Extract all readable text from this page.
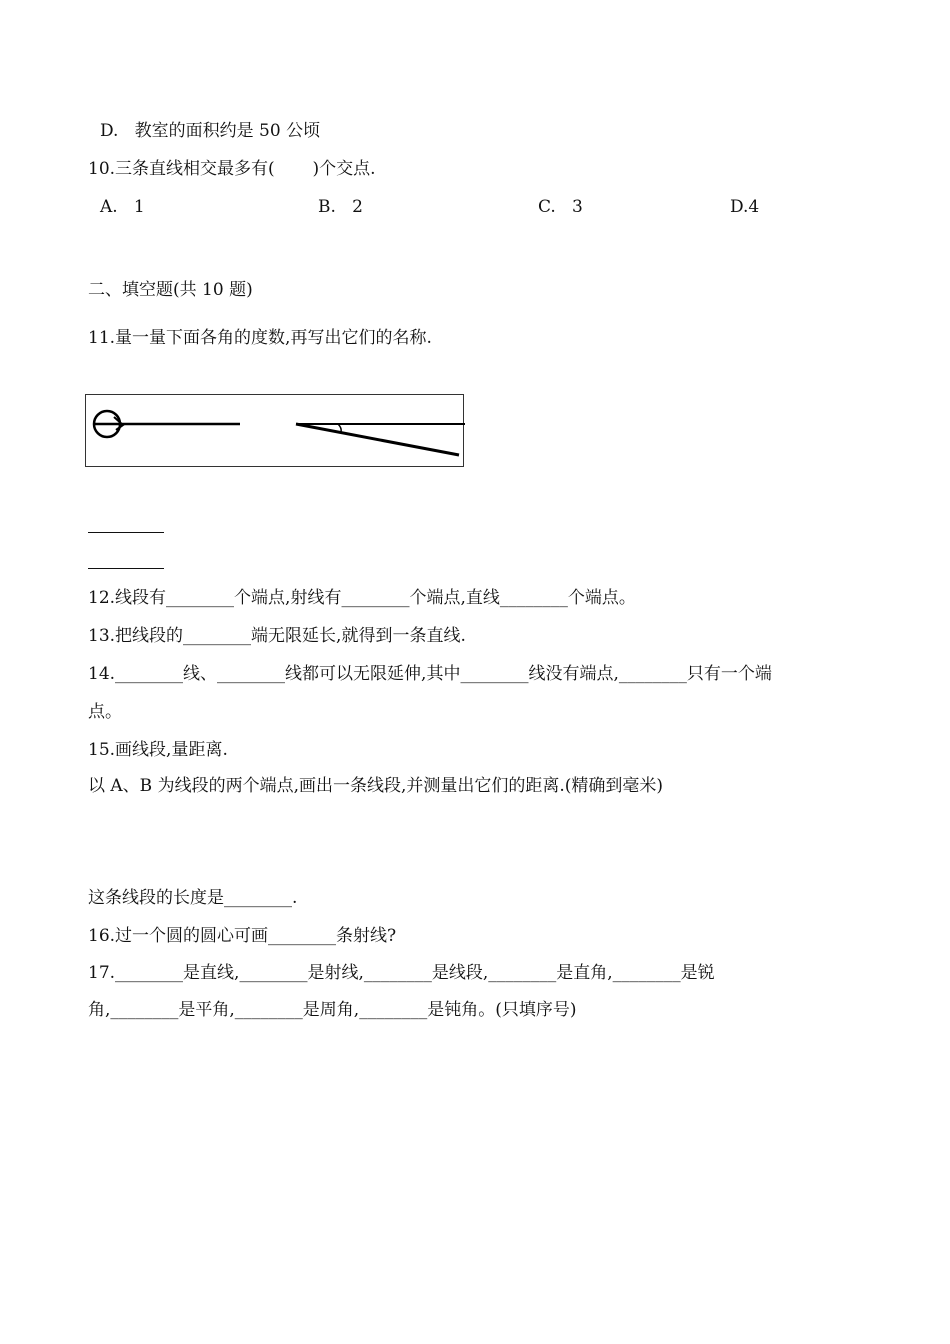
D.   教室的面积约是 50 公顷
10.三条直线相交最多有(       )个交点.
A.   1	B.   2	C.   3	D.4
二、填空题(共 10 题)
11.量一量下面各角的度数,再写出它们的名称.
12.线段有________个端点,射线有________个端点,直线________个端点。
13.把线段的________端无限延长,就得到一条直线.
14.________线、________线都可以无限延伸,其中________线没有端点,________只有一个端
点。
15.画线段,量距离.
以 A、B 为线段的两个端点,画出一条线段,并测量出它们的距离.(精确到毫米)
这条线段的长度是________.
16.过一个圆的圆心可画________条射线?
17.________是直线,________是射线,________是线段,________是直角,________是锐
角,________是平角,________是周角,________是钝角。(只填序号)
